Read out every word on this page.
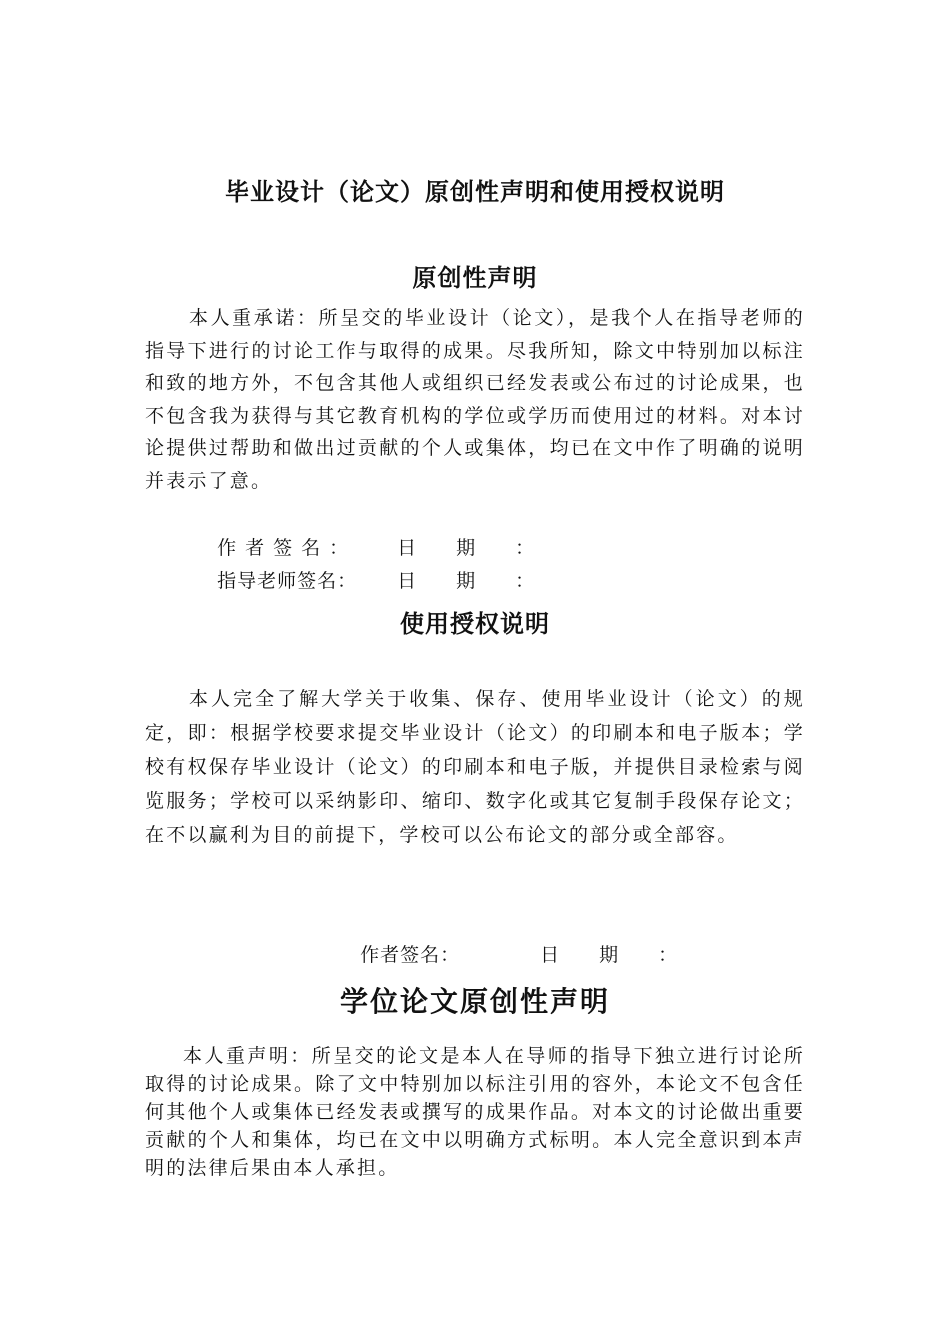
毕业设计（论文）原创性声明和使用授权说明
原创性声明

本人重承诺：所呈交的毕业设计（论文），是我个人在指导老师的指导下进行的讨论工作与取得的成果。尽我所知，除文中特别加以标注和致的地方外，不包含其他人或组织已经发表或公布过的讨论成果，也不包含我为获得与其它教育机构的学位或学历而使用过的材料。对本讨论提供过帮助和做出过贡献的个人或集体，均已在文中作了明确的说明并表示了意。

作者签名： 日期：

指导老师签名： 日期：

使用授权说明

本人完全了解大学关于收集、保存、使用毕业设计（论文）的规定，即：根据学校要求提交毕业设计（论文）的印刷本和电子版本；学校有权保存毕业设计（论文）的印刷本和电子版，并提供目录检索与阅览服务；学校可以采纳影印、缩印、数字化或其它复制手段保存论文；在不以赢利为目的前提下，学校可以公布论文的部分或全部容。

作者签名：	日期：

学位论文原创性声明

本人重声明：所呈交的论文是本人在导师的指导下独立进行讨论所取得的讨论成果。除了文中特别加以标注引用的容外，本论文不包含任何其他个人或集体已经发表或撰写的成果作品。对本文的讨论做出重要贡献的个人和集体，均已在文中以明确方式标明。本人完全意识到本声明的法律后果由本人承担。
